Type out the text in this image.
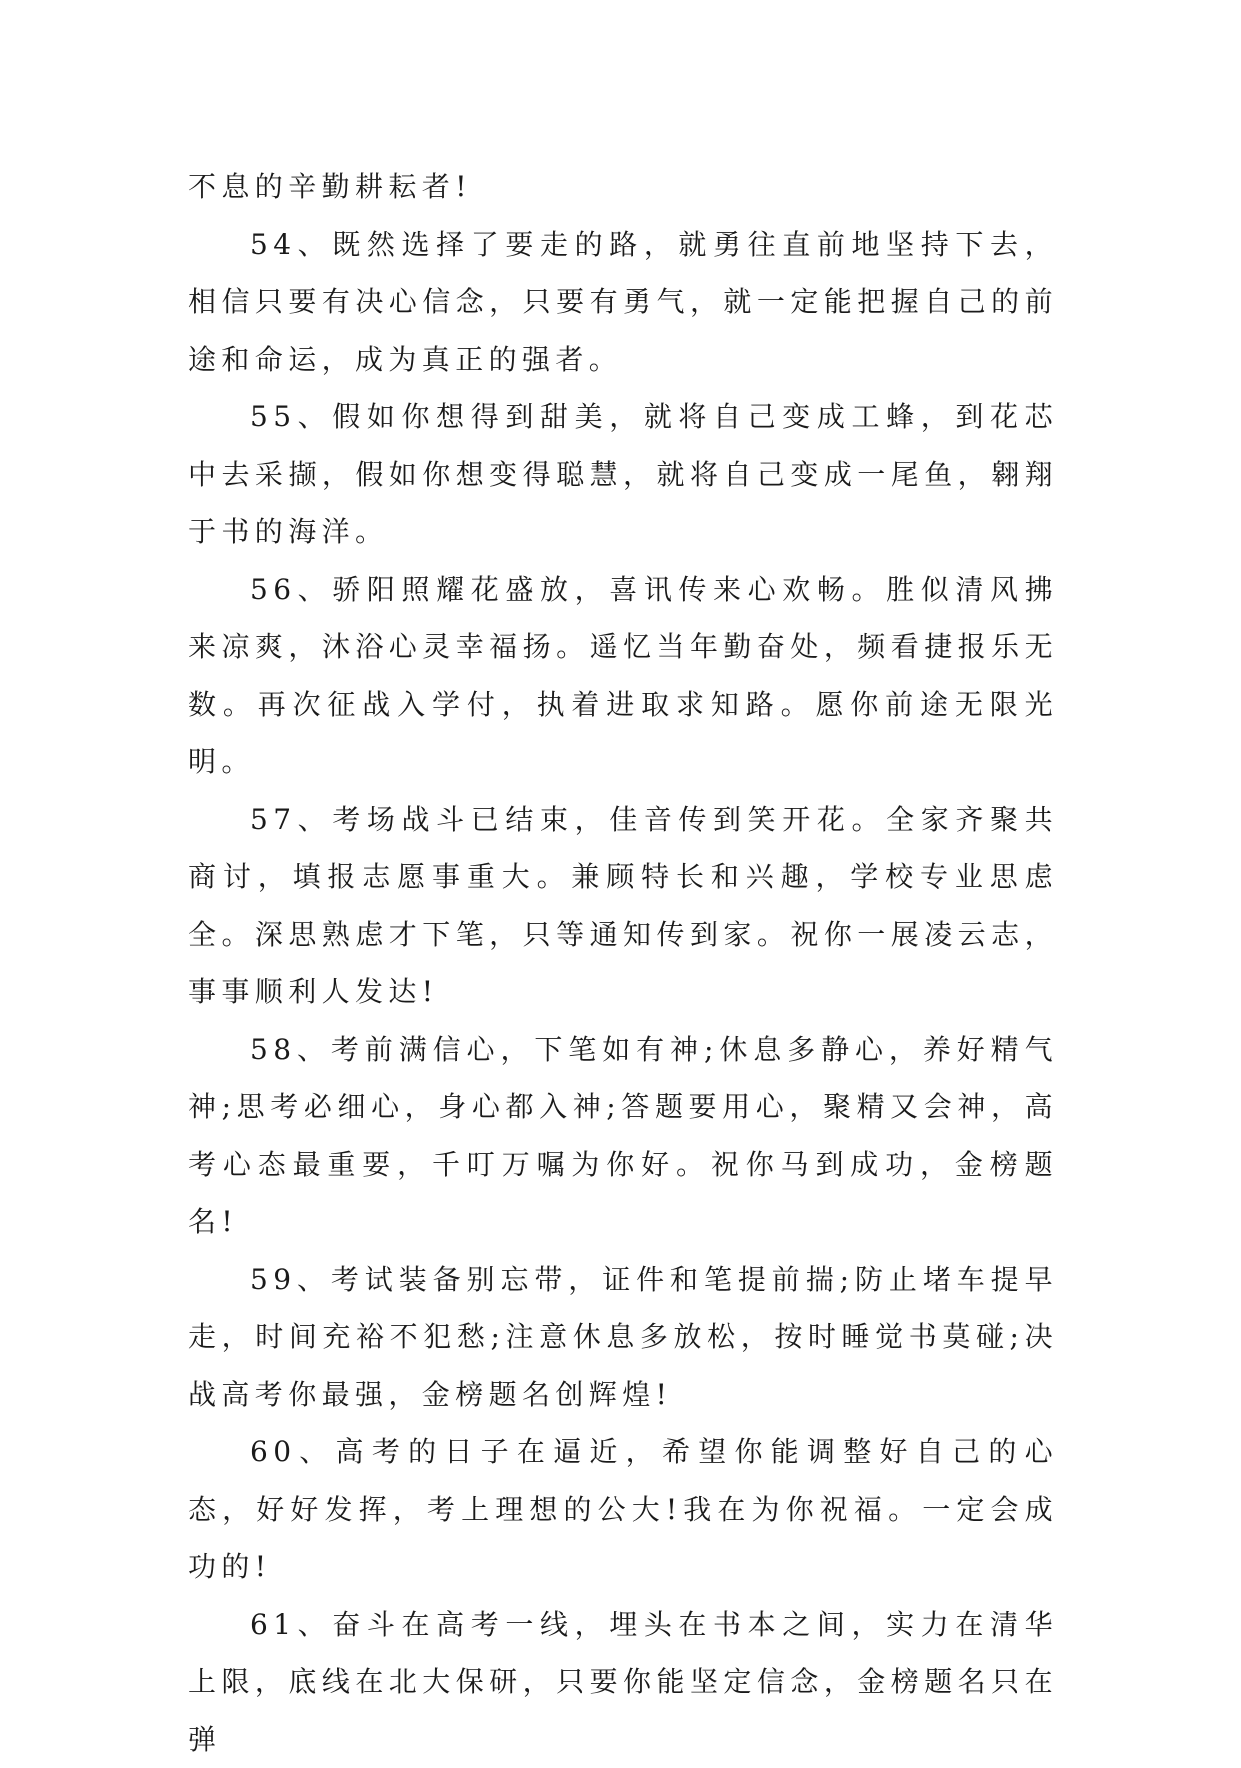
不息的辛勤耕耘者!

54、既然选择了要走的路，就勇往直前地坚持下去，相信只要有决心信念，只要有勇气，就一定能把握自己的前途和命运，成为真正的强者。

55、假如你想得到甜美，就将自己变成工蜂，到花芯中去采撷，假如你想变得聪慧，就将自己变成一尾鱼，翱翔于书的海洋。

56、骄阳照耀花盛放，喜讯传来心欢畅。胜似清风拂来凉爽，沐浴心灵幸福扬。遥忆当年勤奋处，频看捷报乐无数。再次征战入学付，执着进取求知路。愿你前途无限光明。

57、考场战斗已结束，佳音传到笑开花。全家齐聚共商讨，填报志愿事重大。兼顾特长和兴趣，学校专业思虑全。深思熟虑才下笔，只等通知传到家。祝你一展凌云志，事事顺利人发达!

58、考前满信心，下笔如有神;休息多静心，养好精气神;思考必细心，身心都入神;答题要用心，聚精又会神，高考心态最重要，千叮万嘱为你好。祝你马到成功，金榜题名!

59、考试装备别忘带，证件和笔提前揣;防止堵车提早走，时间充裕不犯愁;注意休息多放松，按时睡觉书莫碰;决战高考你最强，金榜题名创辉煌!

60、高考的日子在逼近，希望你能调整好自己的心态，好好发挥，考上理想的公大!我在为你祝福。一定会成功的!

61、奋斗在高考一线，埋头在书本之间，实力在清华上限，底线在北大保研，只要你能坚定信念，金榜题名只在弹
